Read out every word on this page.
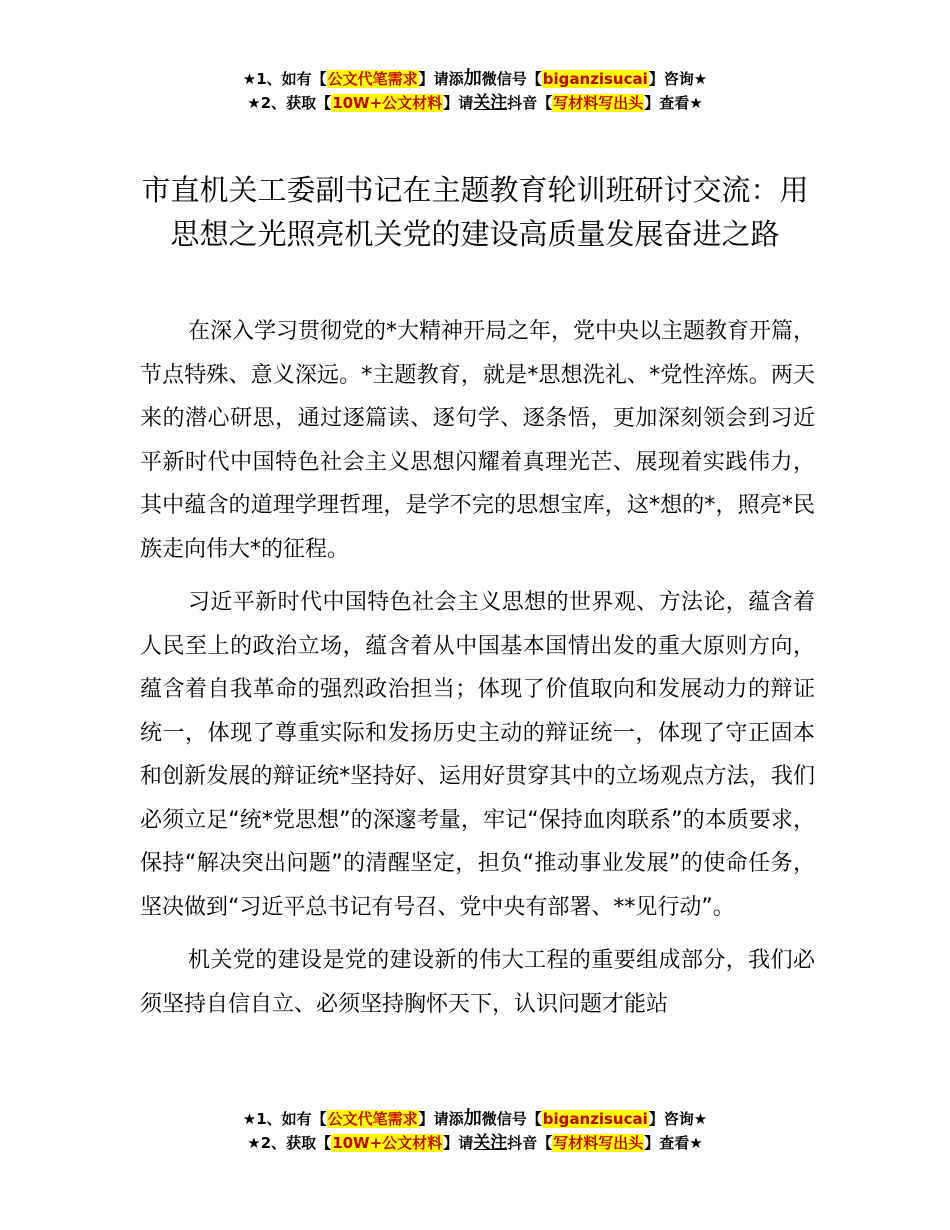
★1、如有【公文代笔需求】请添加微信号【biganzisucai】咨询★
★2、获取【10W+公文材料】请关注抖音【写材料写出头】查看★
市直机关工委副书记在主题教育轮训班研讨交流：用思想之光照亮机关党的建设高质量发展奋进之路

在深入学习贯彻党的*大精神开局之年，党中央以主题教育开篇，节点特殊、意义深远。*主题教育，就是*思想洗礼、*党性淬炼。两天来的潜心研思，通过逐篇读、逐句学、逐条悟，更加深刻领会到习近平新时代中国特色社会主义思想闪耀着真理光芒、展现着实践伟力，其中蕴含的道理学理哲理，是学不完的思想宝库，这*想的*，照亮*民族走向伟大*的征程。

习近平新时代中国特色社会主义思想的世界观、方法论，蕴含着人民至上的政治立场，蕴含着从中国基本国情出发的重大原则方向，蕴含着自我革命的强烈政治担当；体现了价值取向和发展动力的辩证统一，体现了尊重实际和发扬历史主动的辩证统一，体现了守正固本和创新发展的辩证统*坚持好、运用好贯穿其中的立场观点方法，我们必须立足“统*党思想”的深邃考量，牢记“保持血肉联系”的本质要求，保持“解决突出问题”的清醒坚定，担负“推动事业发展”的使命任务，坚决做到“习近平总书记有号召、党中央有部署、**见行动”。

机关党的建设是党的建设新的伟大工程的重要组成部分，我们必须坚持自信自立、必须坚持胸怀天下，认识问题才能站

★1、如有【公文代笔需求】请添加微信号【biganzisucai】咨询★
★2、获取【10W+公文材料】请关注抖音【写材料写出头】查看★
